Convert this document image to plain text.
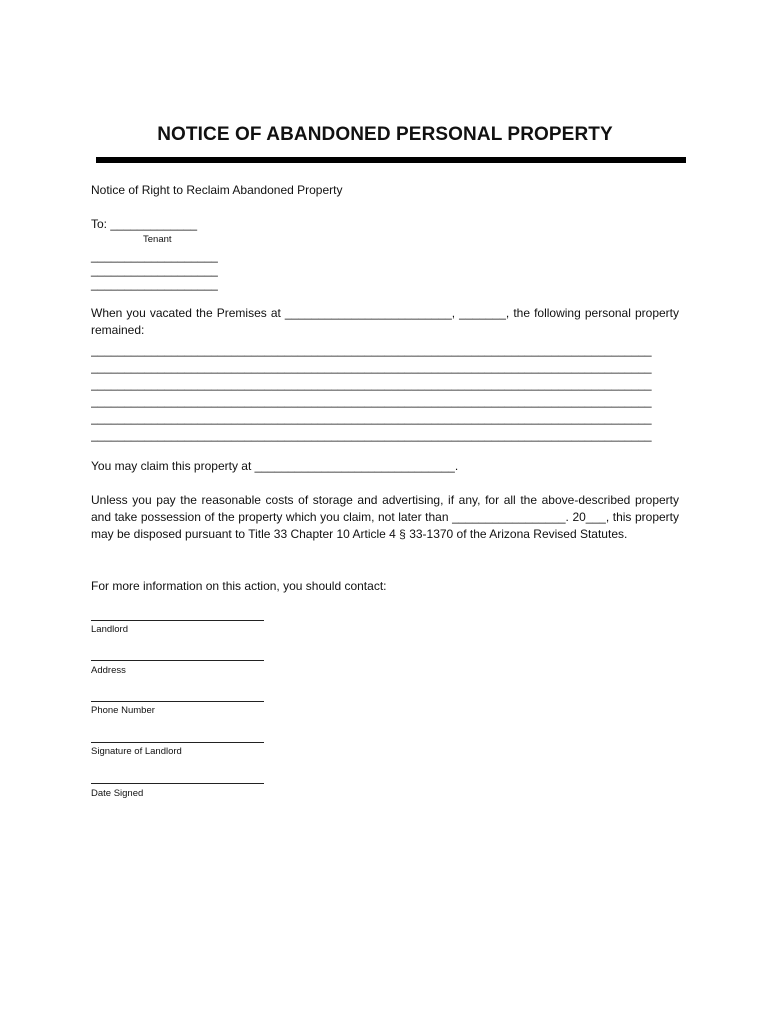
NOTICE OF ABANDONED PERSONAL PROPERTY
Notice of Right to Reclaim Abandoned Property
To: _____________
Tenant
___________________
___________________
___________________
When you vacated the Premises at _________________________, _______, the following personal property remained:
____________________________________________________________________________________
____________________________________________________________________________________
____________________________________________________________________________________
____________________________________________________________________________________
____________________________________________________________________________________
____________________________________________________________________________________
You may claim this property at ______________________________.
Unless you pay the reasonable costs of storage and advertising, if any, for all the above-described property and take possession of the property which you claim, not later than _________________. 20___, this property may be disposed pursuant to Title 33 Chapter 10 Article 4 § 33-1370 of the Arizona Revised Statutes.
For more information on this action, you should contact:
Landlord
Address
Phone Number
Signature of Landlord
Date Signed
